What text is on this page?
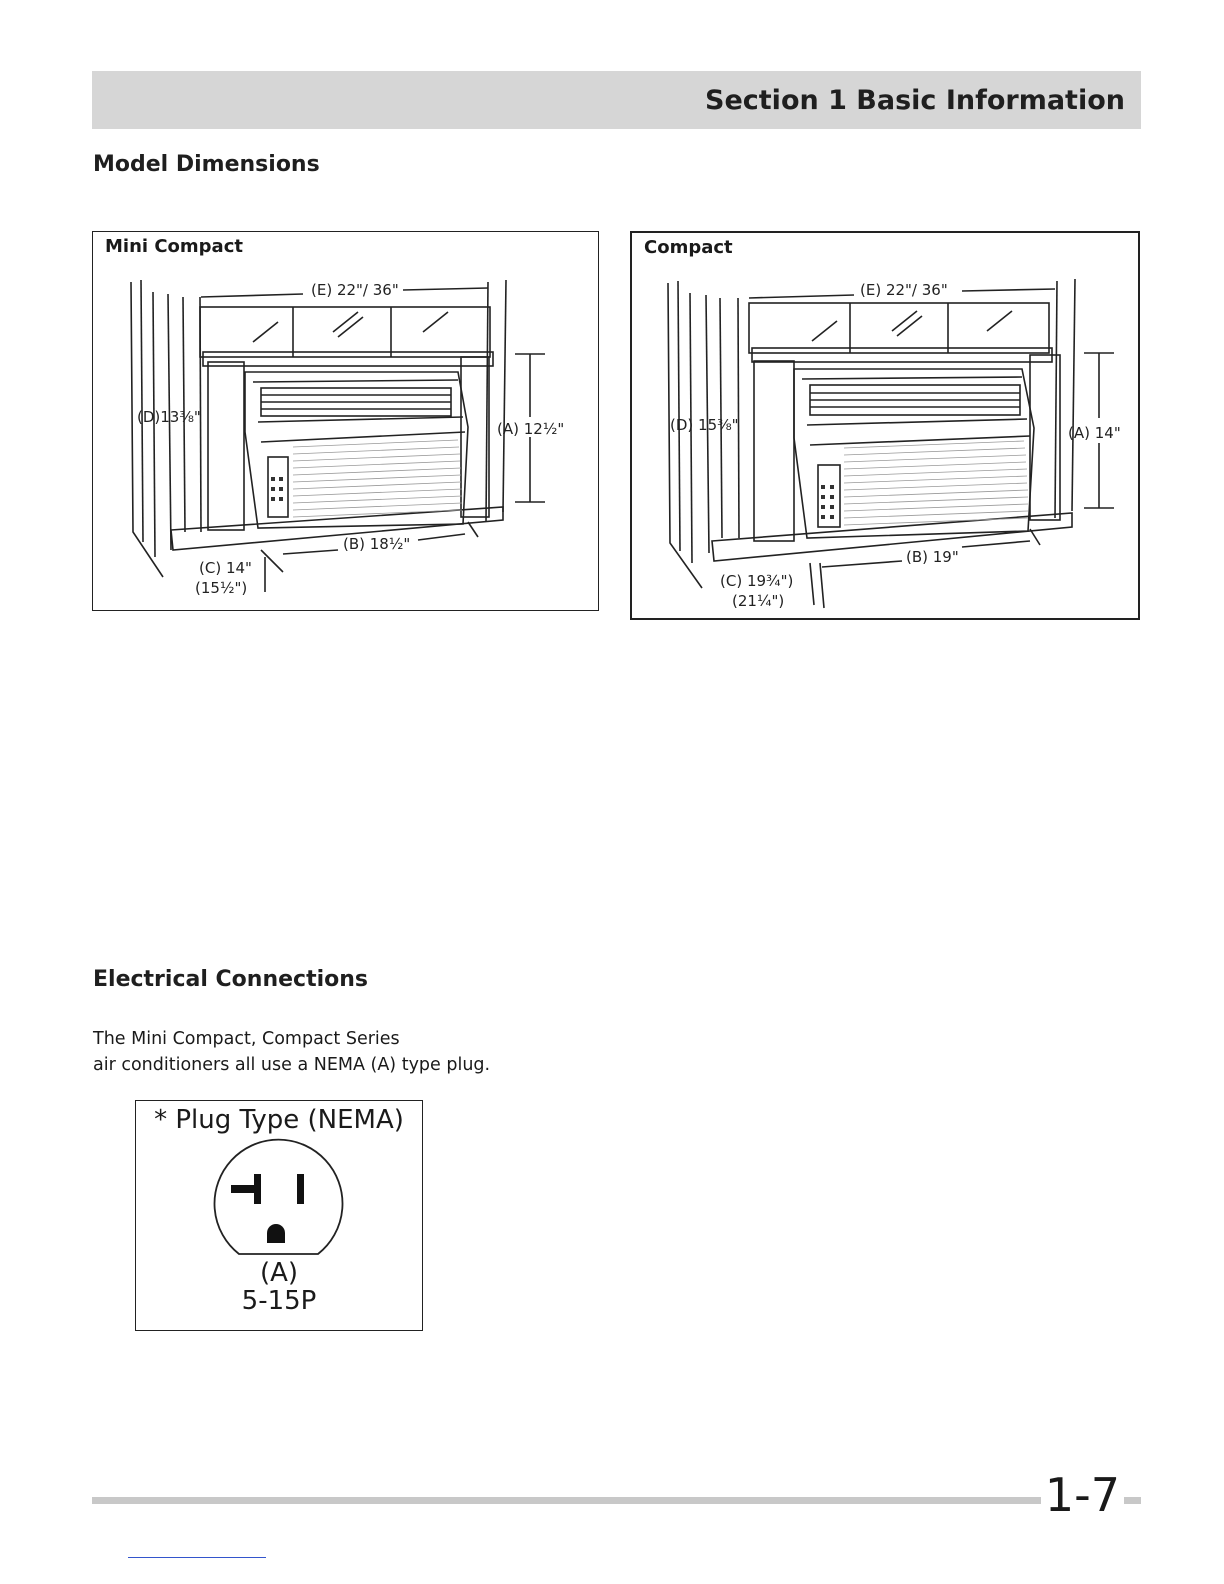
Section 1 Basic Information
Model Dimensions
(E) 22"/ 36"
(D)13⅜"
(A) 12½"
(B) 18½"
(C) 14"
(15½")
Mini Compact
(E) 22"/ 36"
(D) 15⅜"	(A) 14"
(B) 19"
(C) 19¾")
(21¼")
Compact
Electrical Connections
The Mini Compact, Compact Series
air conditioners all use a NEMA (A) type plug.
* Plug Type (NEMA)
(A)
5-15P
1-7
